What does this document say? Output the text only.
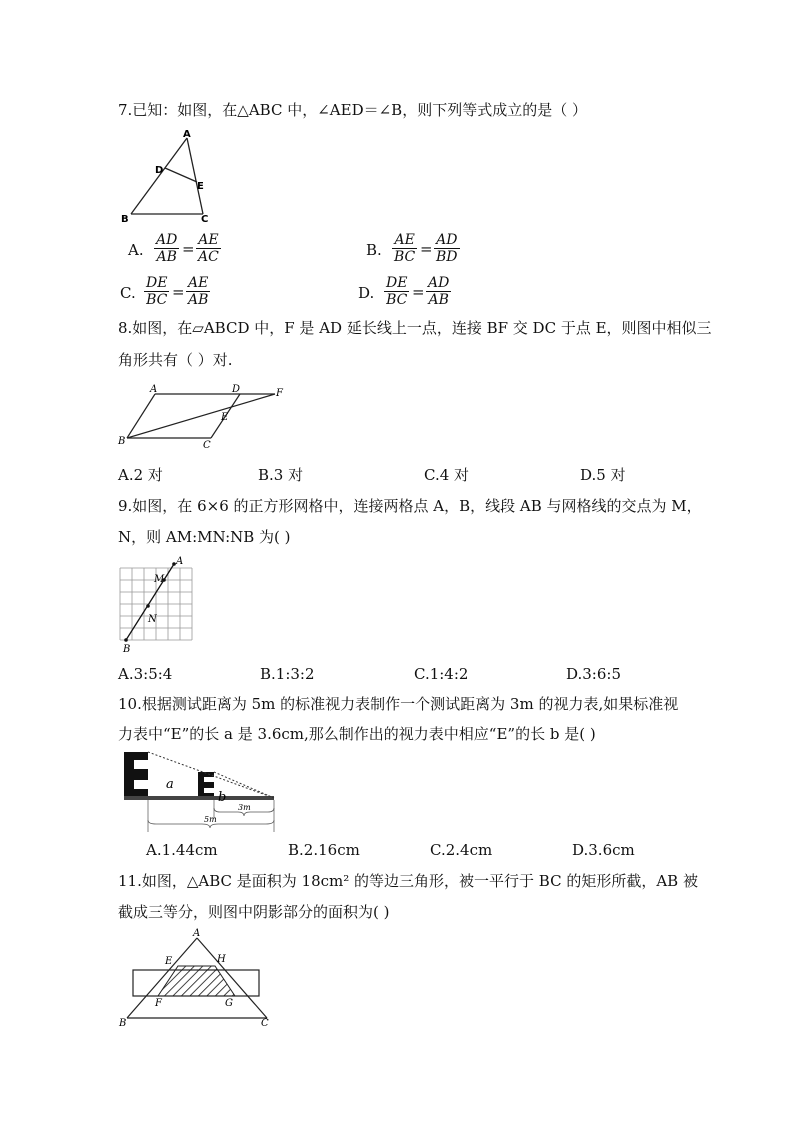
7.已知：如图，在△ABC 中，∠AED＝∠B，则下列等式成立的是（ ）
A
D
E
B	C
A. $\frac{AD}{AB} = \frac{AE}{AC}$	B. $\frac{AE}{BC} = \frac{AD}{BD}$
C. $\frac{DE}{BC} = \frac{AE}{AB}$	D. $\frac{DE}{BC} = \frac{AD}{AB}$
8.如图，在▱ABCD 中，F 是 AD 延长线上一点，连接 BF 交 DC 于点 E，则图中相似三
角形共有（ ）对.
A	D	F
E
B	C
A.2 对	B.3 对	C.4 对	D.5 对
9.如图，在 6×6 的正方形网格中，连接两格点 A，B，线段 AB 与网格线的交点为 M，
N，则 AM:MN:NB 为( )
A
M
N
B
A.3:5:4	B.1:3:2	C.1:4:2	D.3:6:5
10.根据测试距离为 5m 的标准视力表制作一个测试距离为 3m 的视力表,如果标准视
力表中“E”的长 a 是 3.6cm,那么制作出的视力表中相应“E”的长 b 是( )
a
b
3m
5m
A.1.44cm	B.2.16cm	C.2.4cm	D.3.6cm
11.如图，△ABC 是面积为 18cm² 的等边三角形，被一平行于 BC 的矩形所截，AB 被
截成三等分，则图中阴影部分的面积为( )
A
E	H
F	G
B	C
